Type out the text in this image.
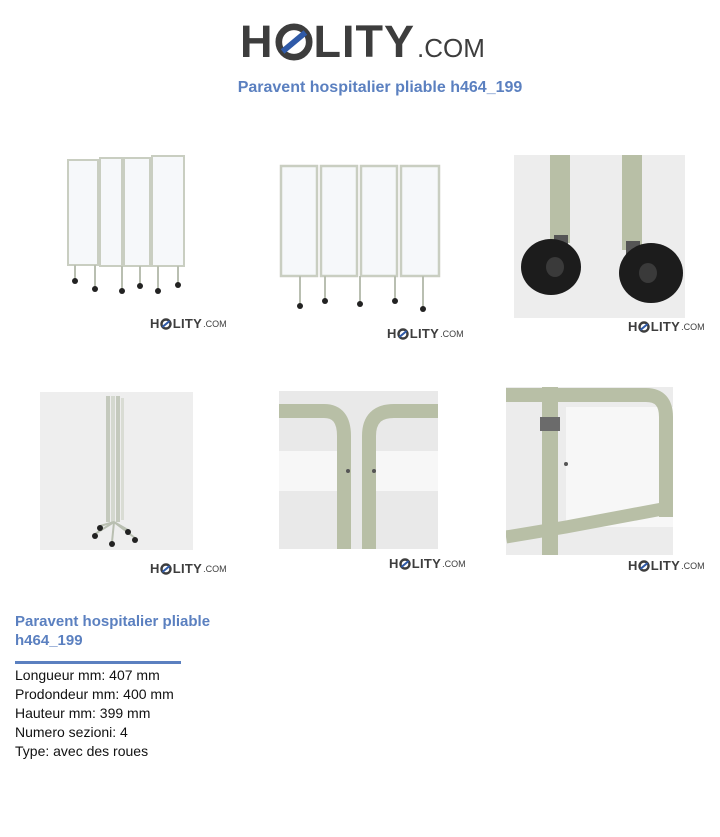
H LITY .COM
Paravent hospitalier pliable h464_199
H LITY .COM
H LITY .COM	H LITY .COM
H LITY .COM	H LITY .COM	H LITY .COM
Paravent hospitalier pliable h464_199
Longueur mm: 407 mm
Prodondeur mm: 400 mm
Hauteur mm: 399 mm
Numero sezioni: 4
Type: avec des roues
